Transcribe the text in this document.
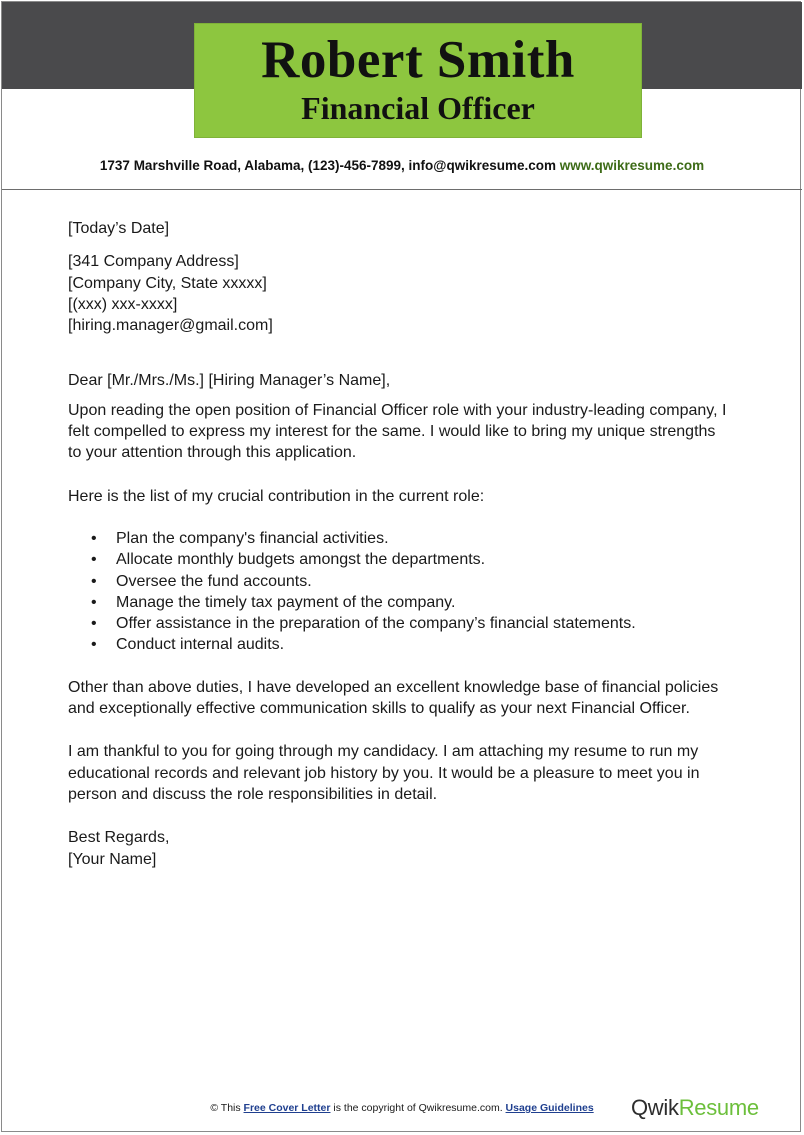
Robert Smith
Financial Officer
1737 Marshville Road, Alabama, (123)-456-7899, info@qwikresume.com www.qwikresume.com

[Today’s Date]

[341 Company Address]

[Company City, State xxxxx]

[(xxx) xxx-xxxx]

[hiring.manager@gmail.com]

Dear [Mr./Mrs./Ms.] [Hiring Manager’s Name],

Upon reading the open position of Financial Officer role with your industry-leading company, I

felt compelled to express my interest for the same. I would like to bring my unique strengths

to your attention through this application.

Here is the list of my crucial contribution in the current role:

• Plan the company's financial activities.
• Allocate monthly budgets amongst the departments.
• Oversee the fund accounts.
• Manage the timely tax payment of the company.
• Offer assistance in the preparation of the company’s financial statements.
• Conduct internal audits.

Other than above duties, I have developed an excellent knowledge base of financial policies

and exceptionally effective communication skills to qualify as your next Financial Officer.

I am thankful to you for going through my candidacy. I am attaching my resume to run my

educational records and relevant job history by you. It would be a pleasure to meet you in

person and discuss the role responsibilities in detail.

Best Regards,

[Your Name]

© This Free Cover Letter is the copyright of Qwikresume.com. Usage Guidelines	QwikResume
